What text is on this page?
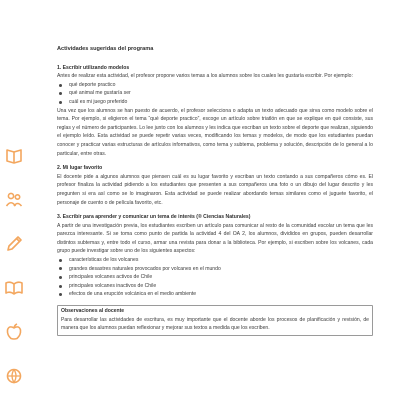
Actividades sugeridas del programa
1. Escribir utilizando modelos

Antes de realizar esta actividad, el profesor propone varios temas a los alumnos sobre los cuales les gustaría escribir. Por ejemplo:

qué deporte practico
qué animal me gustaría ser
cuál es mi juego preferido

Una vez que los alumnos se han puesto de acuerdo, el profesor selecciona o adapta un texto adecuado que sirva como modelo sobre el tema. Por ejemplo, si eligieron el tema “qué deporte practico”, escoge un artículo sobre triatlón en que se explique en qué consiste, sus reglas y el número de participantes. Lo lee junto con los alumnos y les indica que escriban un texto sobre el deporte que realizan, siguiendo el ejemplo leído. Esta actividad se puede repetir varias veces, modificando los temas y modelos, de modo que los estudiantes puedan conocer y practicar varias estructuras de artículos informativos, como tema y subtema, problema y solución, descripción de lo general a lo particular, entre otras.

2. Mi lugar favorito

El docente pide a algunos alumnos que piensen cuál es su lugar favorito y escriban un texto contando a sus compañeros cómo es. El profesor finaliza la actividad pidiendo a los estudiantes que presenten a sus compañeros una foto o un dibujo del lugar descrito y les pregunten si era así como se lo imaginaron. Esta actividad se puede realizar abordando temas similares como el juguete favorito, el personaje de cuento o de película favorito, etc.

3. Escribir para aprender y comunicar un tema de interés (® Ciencias Naturales)

A partir de una investigación previa, los estudiantes escriben un artículo para comunicar al resto de la comunidad escolar un tema que les parezca interesante. Si se toma como punto de partida la actividad 4 del OA 2, los alumnos, divididos en grupos, pueden desarrollar distintos subtemas y, entre todo el curso, armar una revista para donar a la biblioteca. Por ejemplo, si escriben sobre los volcanes, cada grupo puede investigar sobre uno de los siguientes aspectos:

características de los volcanes
grandes desastres naturales provocados por volcanes en el mundo
principales volcanes activos de Chile
principales volcanes inactivos de Chile
efectos de una erupción volcánica en el medio ambiente
Observaciones al docente

Para desarrollar las actividades de escritura, es muy importante que el docente aborde los procesos de planificación y revisión, de manera que los alumnos puedan reflexionar y mejorar sus textos a medida que los escriben.
